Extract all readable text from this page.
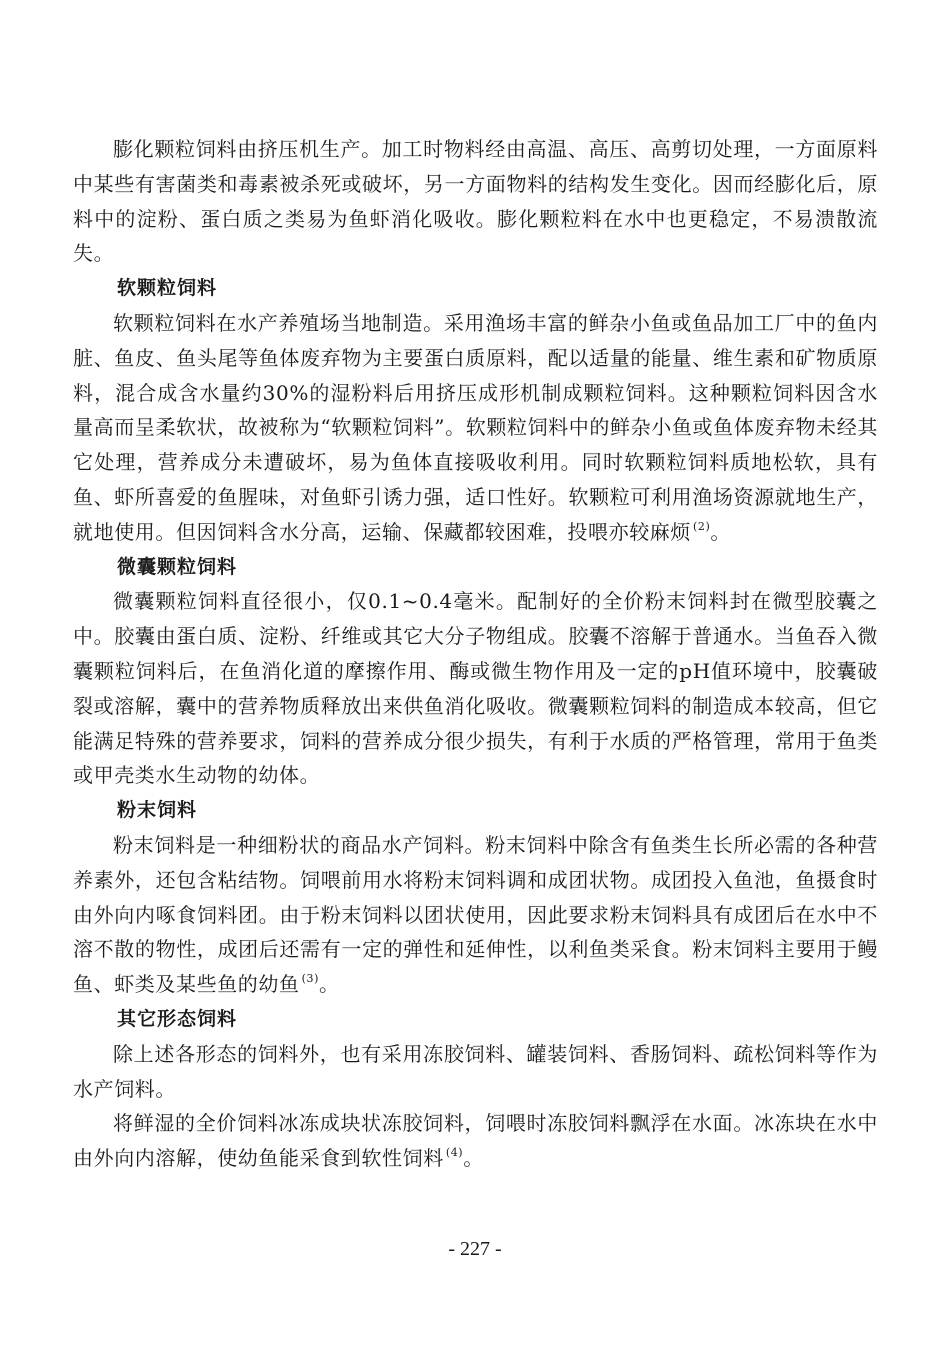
膨化颗粒饲料由挤压机生产。加工时物料经由高温、高压、高剪切处理，一方面原料中某些有害菌类和毒素被杀死或破坏，另一方面物料的结构发生变化。因而经膨化后，原料中的淀粉、蛋白质之类易为鱼虾消化吸收。膨化颗粒料在水中也更稳定，不易溃散流失。

软颗粒饲料

软颗粒饲料在水产养殖场当地制造。采用渔场丰富的鲜杂小鱼或鱼品加工厂中的鱼内脏、鱼皮、鱼头尾等鱼体废弃物为主要蛋白质原料，配以适量的能量、维生素和矿物质原料，混合成含水量约30%的湿粉料后用挤压成形机制成颗粒饲料。这种颗粒饲料因含水量高而呈柔软状，故被称为“软颗粒饲料”。软颗粒饲料中的鲜杂小鱼或鱼体废弃物未经其它处理，营养成分未遭破坏，易为鱼体直接吸收利用。同时软颗粒饲料质地松软，具有鱼、虾所喜爱的鱼腥味，对鱼虾引诱力强，适口性好。软颗粒可利用渔场资源就地生产，就地使用。但因饲料含水分高，运输、保藏都较困难，投喂亦较麻烦 $^{(2)}$。

微囊颗粒饲料

微囊颗粒饲料直径很小，仅0.1~0.4毫米。配制好的全价粉末饲料封在微型胶囊之中。胶囊由蛋白质、淀粉、纤维或其它大分子物组成。胶囊不溶解于普通水。当鱼吞入微囊颗粒饲料后，在鱼消化道的摩擦作用、酶或微生物作用及一定的pH值环境中，胶囊破裂或溶解，囊中的营养物质释放出来供鱼消化吸收。微囊颗粒饲料的制造成本较高，但它能满足特殊的营养要求，饲料的营养成分很少损失，有利于水质的严格管理，常用于鱼类或甲壳类水生动物的幼体。

粉末饲料

粉末饲料是一种细粉状的商品水产饲料。粉末饲料中除含有鱼类生长所必需的各种营养素外，还包含粘结物。饲喂前用水将粉末饲料调和成团状物。成团投入鱼池，鱼摄食时由外向内啄食饲料团。由于粉末饲料以团状使用，因此要求粉末饲料具有成团后在水中不溶不散的物性，成团后还需有一定的弹性和延伸性，以利鱼类采食。粉末饲料主要用于鳗鱼、虾类及某些鱼的幼鱼 $^{(3)}$。

其它形态饲料

除上述各形态的饲料外，也有采用冻胶饲料、罐装饲料、香肠饲料、疏松饲料等作为水产饲料。

将鲜湿的全价饲料冰冻成块状冻胶饲料，饲喂时冻胶饲料飘浮在水面。冰冻块在水中由外向内溶解，使幼鱼能采食到软性饲料 $^{(4)}$。

- 227 -
